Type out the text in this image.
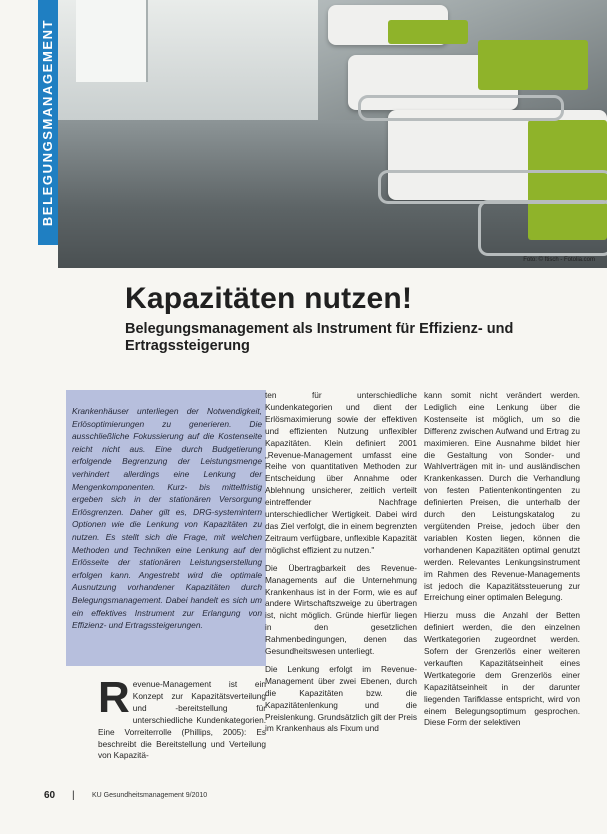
BELEGUNGSMANAGEMENT
Foto: © ftisch - Fotolia.com
Kapazitäten nutzen!
Belegungsmanagement als Instrument für Effizienz- und Ertragssteigerung
Krankenhäuser unterliegen der Notwendigkeit, Erlösoptimierungen zu generieren. Die ausschließliche Fokussierung auf die Kostenseite reicht nicht aus. Eine durch Budgetierung erfolgende Begrenzung der Leistungsmenge verhindert allerdings eine Lenkung der Mengenkomponenten. Kurz- bis mittelfristig ergeben sich in der stationären Versorgung Erlösgrenzen. Daher gilt es, DRG-systemintern Optionen wie die Lenkung von Kapazitäten zu nutzen. Es stellt sich die Frage, mit welchen Methoden und Techniken eine Lenkung auf der Erlösseite der stationären Leistungserstellung erfolgen kann. Angestrebt wird die optimale Ausnutzung vorhandener Kapazitäten durch Belegungsmanagement. Dabei handelt es sich um ein effektives Instrument zur Erlangung von Effizienz- und Ertragssteigerungen.
R evenue-Management ist ein Konzept zur Kapazitätsverteilung und -bereitstellung für unterschiedliche Kundenkategorien. Eine Vorreiterrolle (Phillips, 2005): Es beschreibt die Bereitstellung und Verteilung von Kapazitä-

ten für unterschiedliche Kundenkategorien und dient der Erlösmaximierung sowie der effektiven und effizienten Nutzung unflexibler Kapazitäten. Klein definiert 2001 „Revenue-Management umfasst eine Reihe von quantitativen Methoden zur Entscheidung über Annahme oder Ablehnung unsicherer, zeitlich verteilt eintreffender Nachfrage unterschiedlicher Wertigkeit. Dabei wird das Ziel verfolgt, die in einem begrenzten Zeitraum verfügbare, unflexible Kapazität möglichst effizient zu nutzen."

Die Übertragbarkeit des Revenue-Managements auf die Unternehmung Krankenhaus ist in der Form, wie es auf andere Wirtschaftszweige zu übertragen ist, nicht möglich. Gründe hierfür liegen in den gesetzlichen Rahmenbedingungen, denen das Gesundheitswesen unterliegt.

Die Lenkung erfolgt im Revenue-Management über zwei Ebenen, durch die Kapazitäten bzw. die Kapazitätenlenkung und die Preislenkung. Grundsätzlich gilt der Preis im Krankenhaus als Fixum und

kann somit nicht verändert werden. Lediglich eine Lenkung über die Kostenseite ist möglich, um so die Differenz zwischen Aufwand und Ertrag zu maximieren. Eine Ausnahme bildet hier die Gestaltung von Sonder- und Wahlverträgen mit in- und ausländischen Krankenkassen. Durch die Verhandlung von festen Patientenkontingenten zu definierten Preisen, die unterhalb der durch den Leistungskatalog zu vergütenden Preise, jedoch über den variablen Kosten liegen, können die vorhandenen Kapazitäten optimal genutzt werden. Relevantes Lenkungsinstrument im Rahmen des Revenue-Managements ist jedoch die Kapazitätssteuerung zur Erreichung einer optimalen Belegung.

Hierzu muss die Anzahl der Betten definiert werden, die den einzelnen Wertkategorien zugeordnet werden. Sofern der Grenzerlös einer weiteren verkauften Kapazitätseinheit eines Wertkategorie dem Grenzerlös einer Kapazitätseinheit in der darunter liegenden Tarifklasse entspricht, wird von einem Belegungsoptimum gesprochen. Diese Form der selektiven

60 | KU Gesundheitsmanagement 9/2010
